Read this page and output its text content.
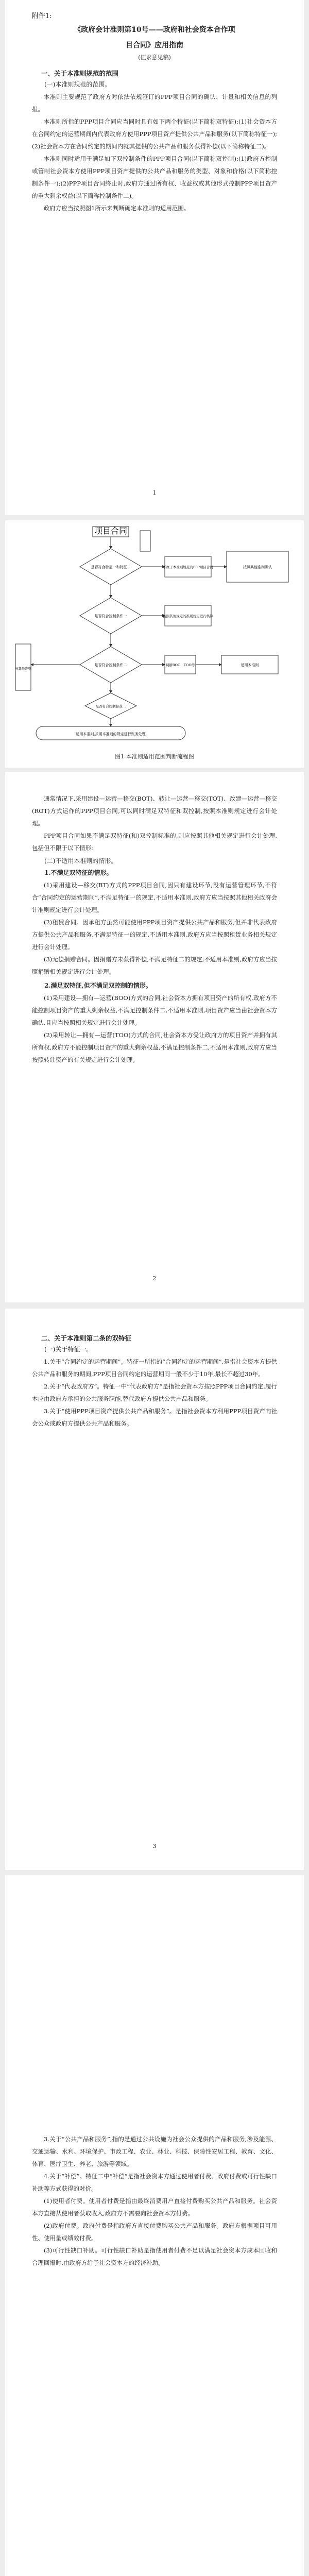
附件1:

《政府会计准则第10号——政府和社会资本合作项

目合同》应用指南

(征求意见稿)

一、关于本准则规范的范围

(一)本准则规范的范围。

本准则主要规范了政府方对依法依规签订的PPP项目合同的确认、计量和相关信息的列报。

本准则所指的PPP项目合同应当同时具有如下两个特征(以下简称双特征):(1)社会资本方在合同约定的运营期间内代表政府方使用PPP项目资产提供公共产品和服务(以下简称特征一);(2)社会资本方在合同约定的期间内就其提供的公共产品和服务获得补偿(以下简称特征二)。

本准则同时适用于满足如下双控制条件的PPP项目合同(以下简称双控制):(1)政府方控制或管制社会资本方使用PPP项目资产提供的公共产品和服务的类型、对象和价格(以下简称控制条件一);(2)PPP项目合同终止时,政府方通过所有权、收益权或其他形式控制PPP项目资产的重大剩余权益(以下简称控制条件二)。

政府方应当按照图1所示来判断确定本准则的适用范围。

项目合同
是否符合特征一和特征二	不属于本准则规范的PPP项目合同	按照其他准则确认
是否符合控制条件一	按照其他规定的准则规定进行核算
是否符合控制条件二	判断BOO、TOO等	适用本准则
是否符合控制标准二
按其他准则
适用本准则,按照本准则的规定进行账务处理
图1 本准则适用范围判断流程图

通常情况下,采用建设—运营—移交(BOT)、转让—运营—移交(TOT)、改建—运营—移交(ROT)方式运作的PPP项目合同,可以同时满足双特征和双控制,按照本准则规定进行会计处理。

PPP项目合同如果不满足双特征(和)双控制标准的,则应按照其他相关规定进行会计处理,包括但不限于以下情形:

(二)不适用本准则的情形。

1.不满足双特征的情形。

(1)采用建设—移交(BT)方式的PPP项目合同,因只有建设环节,没有运营管理环节,不符合“合同约定的运营期间”,不满足特征一的规定,不适用本准则,政府方应当按照其他相关政府会计准则规定进行会计处理。

(2)租赁合同。因承租方虽然可能使用PPP项目资产提供公共产品和服务,但并非代表政府方提供公共产品和服务,不满足特征一的规定,不适用本准则,政府方应当按照租赁业务相关规定进行会计处理。

(3)无偿捐赠合同。因捐赠方未获得补偿,不满足特征二的规定,不适用本准则,政府方应当按照捐赠相关规定进行会计处理。

2.满足双特征,但不满足双控制的情形。

(1)采用建设—拥有—运营(BOO)方式的合同,社会资本方拥有项目资产的所有权,政府方不能控制项目资产的重大剩余权益,不满足控制条件二,不适用本准则,项目资产应当由社会资本方确认,且应当按照相关规定进行会计处理。

(2)采用转让—拥有—运营(TOO)方式的合同,社会资本方受让政府方的项目资产并拥有其所有权,政府方不能控制项目资产的重大剩余权益,不满足控制条件二,不适用本准则,政府方应当按照转让资产的有关规定进行会计处理。

2

二、关于本准则第二条的双特征

(一)关于特征一。

1.关于“合同约定的运营期间”。特征一所指的“合同约定的运营期间”,是指社会资本方提供公共产品和服务的期间,PPP项目合同约定的运营期间一般不少于10年,最长不超过30年。

2.关于“代表政府方”。特征一中“代表政府方”是指社会资本方按照PPP项目合同约定,履行本应由政府方承担的公共服务职能,替代政府方提供公共产品和服务。

3.关于“使用PPP项目资产提供公共产品和服务”。是指社会资本方利用PPP项目资产向社会公众或政府方提供公共产品和服务。

3

3.关于“公共产品和服务”,指的是通过公共设施为社会公众提供的产品和服务,涉及能源、交通运输、水利、环境保护、市政工程、农业、林业、科技、保障性安居工程、教育、文化、体育、医疗卫生、养老、旅游等领域。

4.关于“补偿”。特征二中“补偿”是指社会资本方通过使用者付费、政府付费或可行性缺口补助等方式获得的对价。

(1)使用者付费。使用者付费是指由最终消费用户直接付费购买公共产品和服务。社会资本方直接从使用者获取收入,政府方不需要向社会资本方付费。

(2)政府付费。政府付费是指政府方直接付费购买公共产品和服务。政府方根据项目可用性、使用量或绩效付费。

(3)可行性缺口补助。可行性缺口补助是指使用者付费不足以满足社会资本方成本回收和合理回报时,由政府方给予社会资本方的经济补助。

1
